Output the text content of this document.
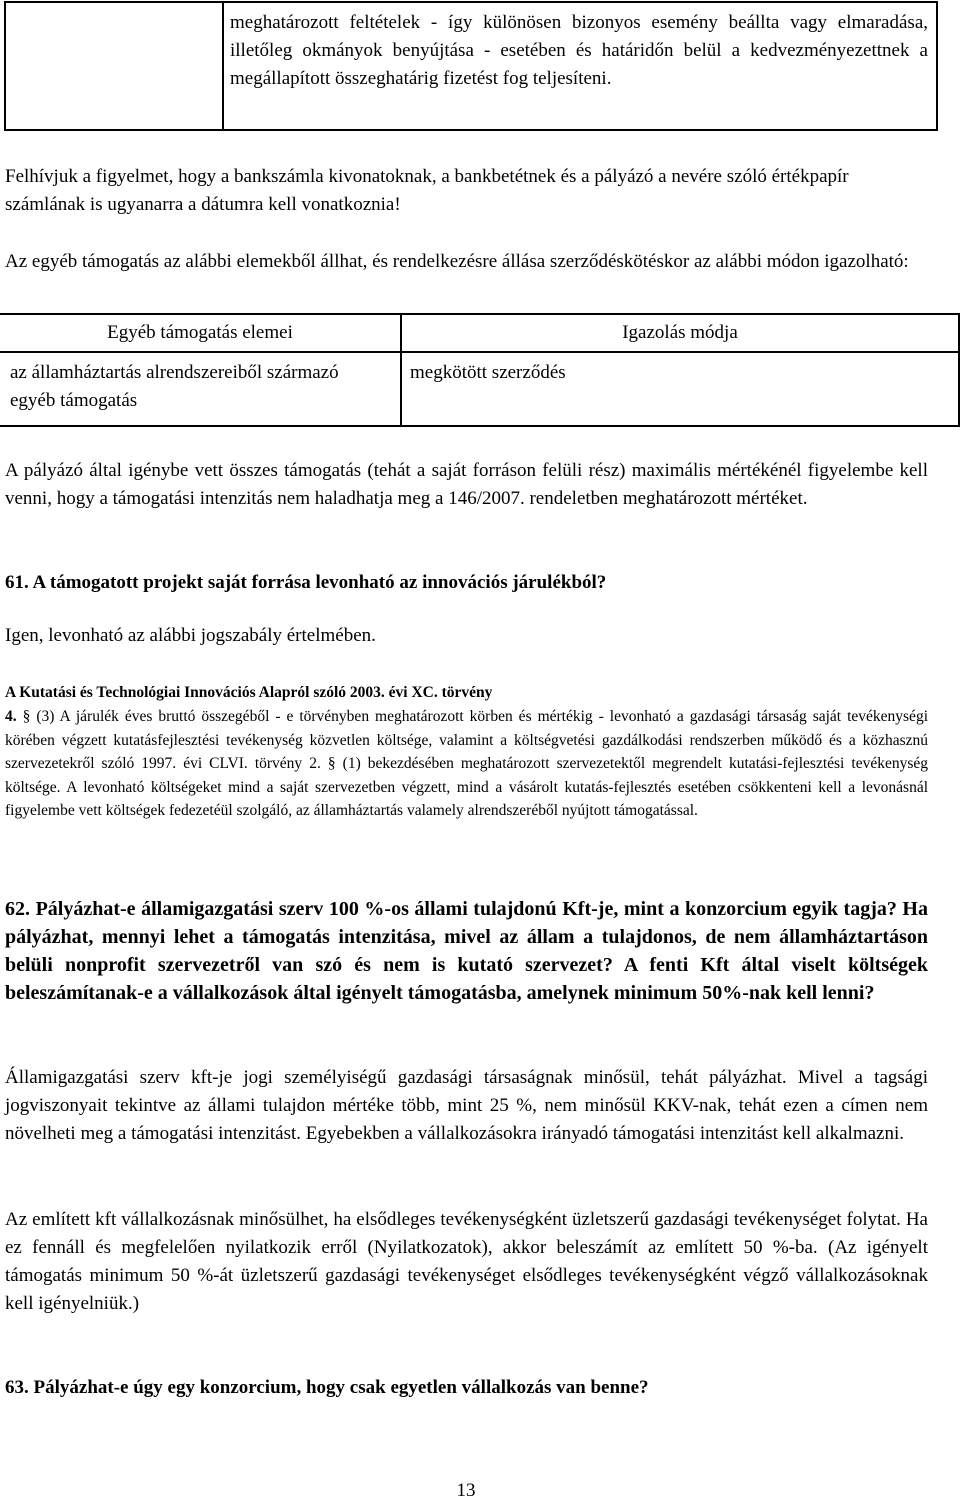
meghatározott feltételek - így különösen bizonyos esemény beállta vagy elmaradása, illetőleg okmányok benyújtása - esetében és határidőn belül a kedvezményezettnek a megállapított összeghatárig fizetést fog teljesíteni.

Felhívjuk a figyelmet, hogy a bankszámla kivonatoknak, a bankbetétnek és a pályázó a nevére szóló értékpapír számlának is ugyanarra a dátumra kell vonatkoznia!

Az egyéb támogatás az alábbi elemekből állhat, és rendelkezésre állása szerződéskötéskor az alábbi módon igazolható:

Egyéb támogatás elemei	Igazolás módja

az államháztartás alrendszereiből származó egyéb támogatás	megkötött szerződés

A pályázó által igénybe vett összes támogatás (tehát a saját forráson felüli rész) maximális mértékénél figyelembe kell venni, hogy a támogatási intenzitás nem haladhatja meg a 146/2007. rendeletben meghatározott mértéket.

61. A támogatott projekt saját forrása levonható az innovációs járulékból?

Igen, levonható az alábbi jogszabály értelmében.

A Kutatási és Technológiai Innovációs Alapról szóló 2003. évi XC. törvény

4. § (3) A járulék éves bruttó összegéből - e törvényben meghatározott körben és mértékig - levonható a gazdasági társaság saját tevékenységi körében végzett kutatásfejlesztési tevékenység közvetlen költsége, valamint a költségvetési gazdálkodási rendszerben működő és a közhasznú szervezetekről szóló 1997. évi CLVI. törvény 2. § (1) bekezdésében meghatározott szervezetektől megrendelt kutatási-fejlesztési tevékenység költsége. A levonható költségeket mind a saját szervezetben végzett, mind a vásárolt kutatás-fejlesztés esetében csökkenteni kell a levonásnál figyelembe vett költségek fedezetéül szolgáló, az államháztartás valamely alrendszeréből nyújtott támogatással.

62. Pályázhat-e államigazgatási szerv 100 %-os állami tulajdonú Kft-je, mint a konzorcium egyik tagja? Ha pályázhat, mennyi lehet a támogatás intenzitása, mivel az állam a tulajdonos, de nem államháztartáson belüli nonprofit szervezetről van szó és nem is kutató szervezet? A fenti Kft által viselt költségek beleszámítanak-e a vállalkozások által igényelt támogatásba, amelynek minimum 50%-nak kell lenni?

Államigazgatási szerv kft-je jogi személyiségű gazdasági társaságnak minősül, tehát pályázhat. Mivel a tagsági jogviszonyait tekintve az állami tulajdon mértéke több, mint 25 %, nem minősül KKV-nak, tehát ezen a címen nem növelheti meg a támogatási intenzitást. Egyebekben a vállalkozásokra irányadó támogatási intenzitást kell alkalmazni.

Az említett kft vállalkozásnak minősülhet, ha elsődleges tevékenységként üzletszerű gazdasági tevékenységet folytat. Ha ez fennáll és megfelelően nyilatkozik erről (Nyilatkozatok), akkor beleszámít az említett 50 %-ba. (Az igényelt támogatás minimum 50 %-át üzletszerű gazdasági tevékenységet elsődleges tevékenységként végző vállalkozásoknak kell igényelniük.)

63. Pályázhat-e úgy egy konzorcium, hogy csak egyetlen vállalkozás van benne?

13
